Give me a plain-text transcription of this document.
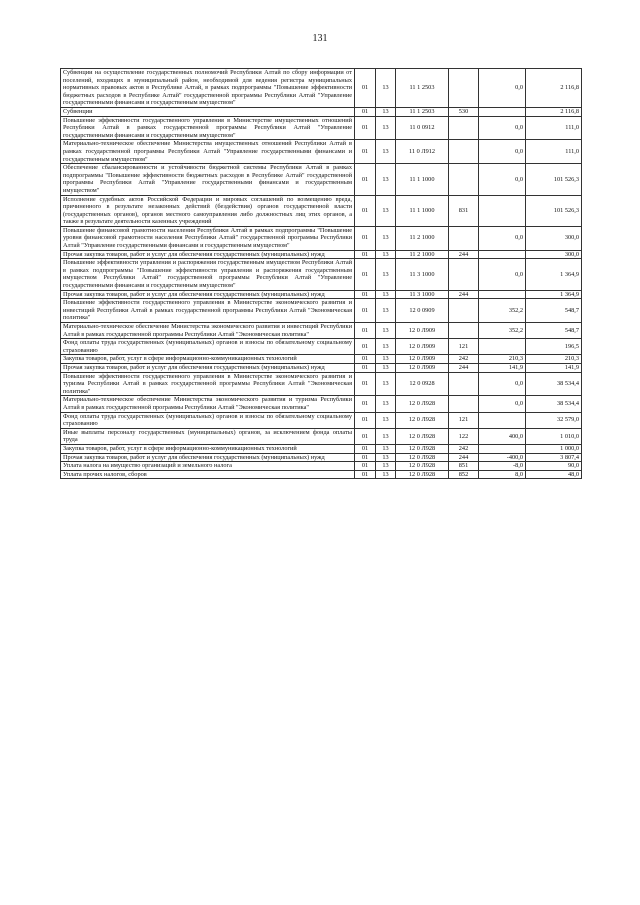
131
Субвенции на осуществление государственных полномочий Республики Алтай по сбору информации от поселений, входящих в муниципальный район, необходимой для ведения регистра муниципальных нормативных правовых актов в Республике Алтай, в рамках подпрограммы "Повышение эффективности бюджетных расходов в Республике Алтай" государственной программы Республики Алтай "Управление государственными финансами и государственным имуществом"	01	13	11 1 2503		0,0	2 116,8
Субвенции	01	13	11 1 2503	530		2 116,8
Повышение эффективности государственного управления в Министерстве имущественных отношений Республики Алтай в рамках государственной программы Республики Алтай "Управление государственными финансами и государственным имуществом"	01	13	11 0 0912		0,0	111,0
Материально-техническое обеспечение Министерства имущественных отношений Республики Алтай в рамках государственной программы Республики Алтай "Управление государственными финансами и государственным имуществом"	01	13	11 0 Л912		0,0	111,0
Обеспечение сбалансированности и устойчивости бюджетной системы Республики Алтай в рамках подпрограммы "Повышение эффективности бюджетных расходов в Республике Алтай" государственной программы Республики Алтай "Управление государственными финансами и государственным имуществом"	01	13	11 1 1000		0,0	101 526,3
Исполнение судебных актов Российской Федерации и мировых соглашений по возмещению вреда, причиненного в результате незаконных действий (бездействия) органов государственной власти (государственных органов), органов местного самоуправления либо должностных лиц этих органов, а также в результате деятельности казенных учреждений	01	13	11 1 1000	831		101 526,3
Повышение финансовой грамотности населения Республики Алтай в рамках подпрограммы "Повышение уровня финансовой грамотности населения Республики Алтай" государственной программы Республики Алтай "Управление государственными финансами и государственным имуществом"	01	13	11 2 1000		0,0	300,0
Прочая закупка товаров, работ и услуг для обеспечения государственных (муниципальных) нужд	01	13	11 2 1000	244		300,0
Повышение эффективности управления и распоряжения государственным имуществом Республики Алтай в рамках подпрограммы "Повышение эффективности управления и распоряжения государственным имуществом Республики Алтай" государственной программы Республики Алтай "Управление государственными финансами и государственным имуществом"	01	13	11 3 1000		0,0	1 364,9
Прочая закупка товаров, работ и услуг для обеспечения государственных (муниципальных) нужд	01	13	11 3 1000	244		1 364,9
Повышение эффективности государственного управления в Министерстве экономического развития и инвестиций Республики Алтай в рамках государственной программы Республики Алтай "Экономическая политика"	01	13	12 0 0909		352,2	548,7
Материально-техническое обеспечение Министерства экономического развития и инвестиций Республики Алтай в рамках государственной программы Республики Алтай "Экономическая политика"	01	13	12 0 Л909		352,2	548,7
Фонд оплаты труда государственных (муниципальных) органов и взносы по обязательному социальному страхованию	01	13	12 0 Л909	121		196,5
Закупка товаров, работ, услуг в сфере информационно-коммуникационных технологий	01	13	12 0 Л909	242	210,3	210,3
Прочая закупка товаров, работ и услуг для обеспечения государственных (муниципальных) нужд	01	13	12 0 Л909	244	141,9	141,9
Повышение эффективности государственного управления в Министерстве экономического развития и туризма Республики Алтай в рамках государственной программы Республики Алтай "Экономическая политика"	01	13	12 0 0928		0,0	38 534,4
Материально-техническое обеспечение Министерства экономического развития и туризма Республики Алтай в рамках государственной программы Республики Алтай "Экономическая политика"	01	13	12 0 Л928		0,0	38 534,4
Фонд оплаты труда государственных (муниципальных) органов и взносы по обязательному социальному страхованию	01	13	12 0 Л928	121		32 579,0
Иные выплаты персоналу государственных (муниципальных) органов, за исключением фонда оплаты труда	01	13	12 0 Л928	122	400,0	1 010,0
Закупка товаров, работ, услуг в сфере информационно-коммуникационных технологий	01	13	12 0 Л928	242		1 000,0
Прочая закупка товаров, работ и услуг для обеспечения государственных (муниципальных) нужд	01	13	12 0 Л928	244	-400,0	3 807,4
Уплата налога на имущество организаций и земельного налога	01	13	12 0 Л928	851	-8,0	90,0
Уплата прочих налогов, сборов	01	13	12 0 Л928	852	8,0	48,0
